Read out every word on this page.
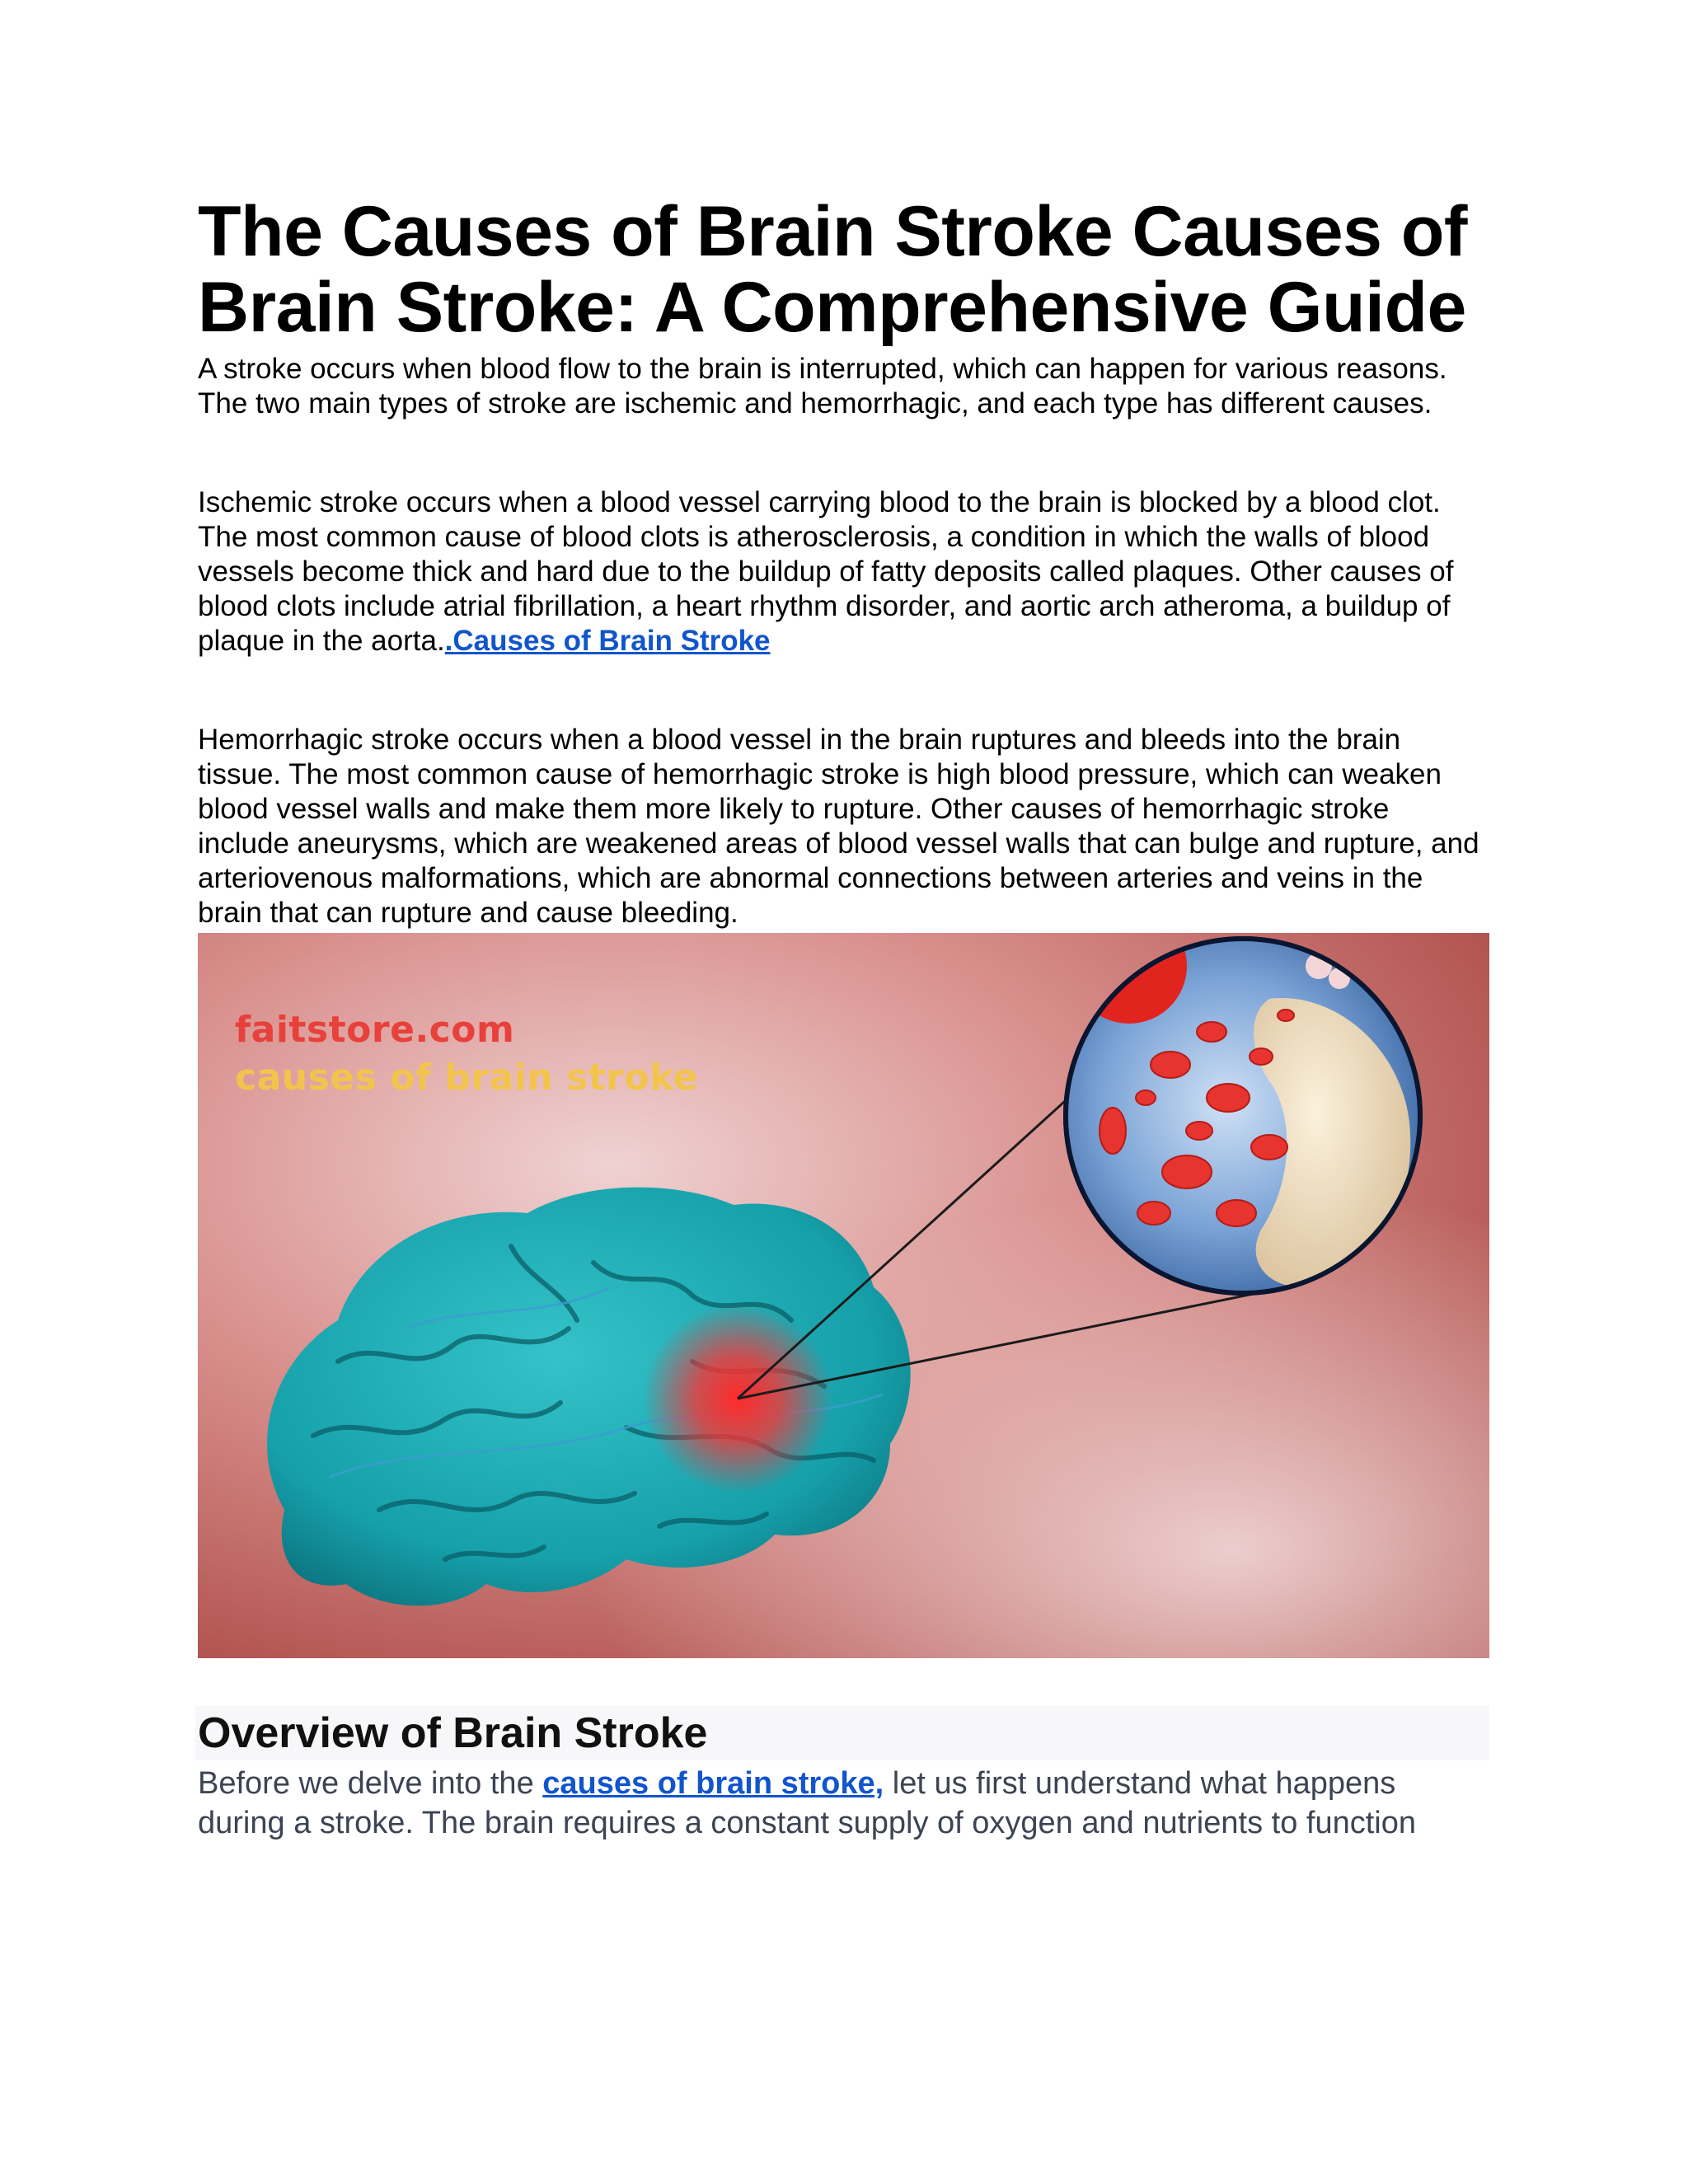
The Causes of Brain Stroke Causes of Brain Stroke: A Comprehensive Guide

A stroke occurs when blood flow to the brain is interrupted, which can happen for various reasons. The two main types of stroke are ischemic and hemorrhagic, and each type has different causes.

Ischemic stroke occurs when a blood vessel carrying blood to the brain is blocked by a blood clot. The most common cause of blood clots is atherosclerosis, a condition in which the walls of blood vessels become thick and hard due to the buildup of fatty deposits called plaques. Other causes of blood clots include atrial fibrillation, a heart rhythm disorder, and aortic arch atheroma, a buildup of plaque in the aorta..Causes of Brain Stroke

Hemorrhagic stroke occurs when a blood vessel in the brain ruptures and bleeds into the brain tissue. The most common cause of hemorrhagic stroke is high blood pressure, which can weaken blood vessel walls and make them more likely to rupture. Other causes of hemorrhagic stroke include aneurysms, which are weakened areas of blood vessel walls that can bulge and rupture, and arteriovenous malformations, which are abnormal connections between arteries and veins in the brain that can rupture and cause bleeding.

faitstore.com
causes of brain stroke
Overview of Brain Stroke

Before we delve into the causes of brain stroke, let us first understand what happens during a stroke. The brain requires a constant supply of oxygen and nutrients to function
